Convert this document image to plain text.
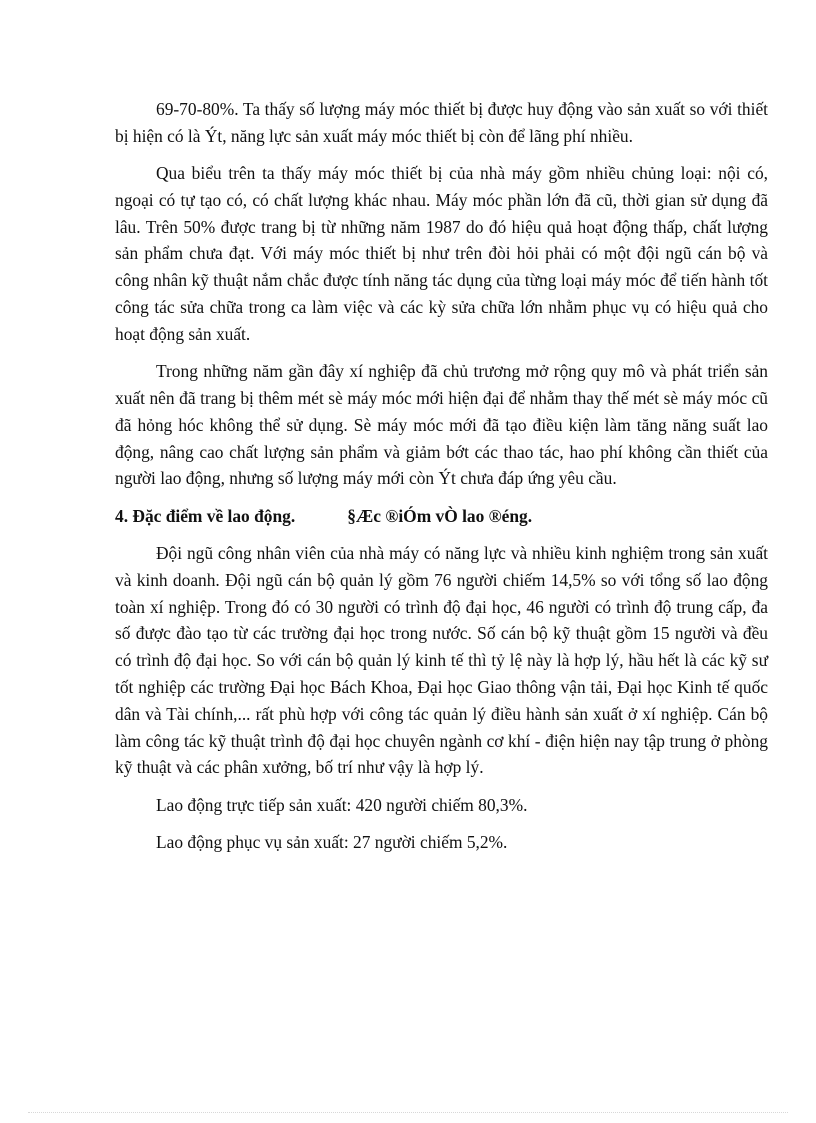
69-70-80%. Ta thấy số lượng máy móc thiết bị được huy động vào sản xuất so với thiết bị hiện có là Ýt, năng lực sản xuất máy móc thiết bị còn để lãng phí nhiều.

Qua biểu trên ta thấy máy móc thiết bị của nhà máy gồm nhiều chủng loại: nội có, ngoại có tự tạo có, có chất lượng khác nhau. Máy móc phần lớn đã cũ, thời gian sử dụng đã lâu. Trên 50% được trang bị từ những năm 1987 do đó hiệu quả hoạt động thấp, chất lượng sản phẩm chưa đạt. Với máy móc thiết bị như trên đòi hỏi phải có một đội ngũ cán bộ và công nhân kỹ thuật nắm chắc được tính năng tác dụng của từng loại máy móc để tiến hành tốt công tác sửa chữa trong ca làm việc và các kỳ sửa chữa lớn nhằm phục vụ có hiệu quả cho hoạt động sản xuất.

Trong những năm gần đây xí nghiệp đã chủ trương mở rộng quy mô và phát triển sản xuất nên đã trang bị thêm mét sè máy móc mới hiện đại để nhằm thay thế mét sè máy móc cũ đã hỏng hóc không thể sử dụng. Sè máy móc mới đã tạo điều kiện làm tăng năng suất lao động, nâng cao chất lượng sản phẩm và giảm bớt các thao tác, hao phí không cần thiết của người lao động, nhưng số lượng máy mới còn Ýt chưa đáp ứng yêu cầu.

4. Đặc điểm về lao động.	§Æc ®iÓm vÒ lao ®éng.

Đội ngũ công nhân viên của nhà máy có năng lực và nhiều kinh nghiệm trong sản xuất và kinh doanh. Đội ngũ cán bộ quản lý gồm 76 người chiếm 14,5% so với tổng số lao động toàn xí nghiệp. Trong đó có 30 người có trình độ đại học, 46 người có trình độ trung cấp, đa số được đào tạo từ các trường đại học trong nước. Số cán bộ kỹ thuật gồm 15 người và đều có trình độ đại học. So với cán bộ quản lý kinh tế thì tỷ lệ này là hợp lý, hầu hết là các kỹ sư tốt nghiệp các trường Đại học Bách Khoa, Đại học Giao thông vận tải, Đại học Kinh tế quốc dân và Tài chính,... rất phù hợp với công tác quản lý điều hành sản xuất ở xí nghiệp. Cán bộ làm công tác kỹ thuật trình độ đại học chuyên ngành cơ khí - điện hiện nay tập trung ở phòng kỹ thuật và các phân xưởng, bố trí như vậy là hợp lý.

Lao động trực tiếp sản xuất: 420 người chiếm 80,3%.

Lao động phục vụ sản xuất: 27 người chiếm 5,2%.
